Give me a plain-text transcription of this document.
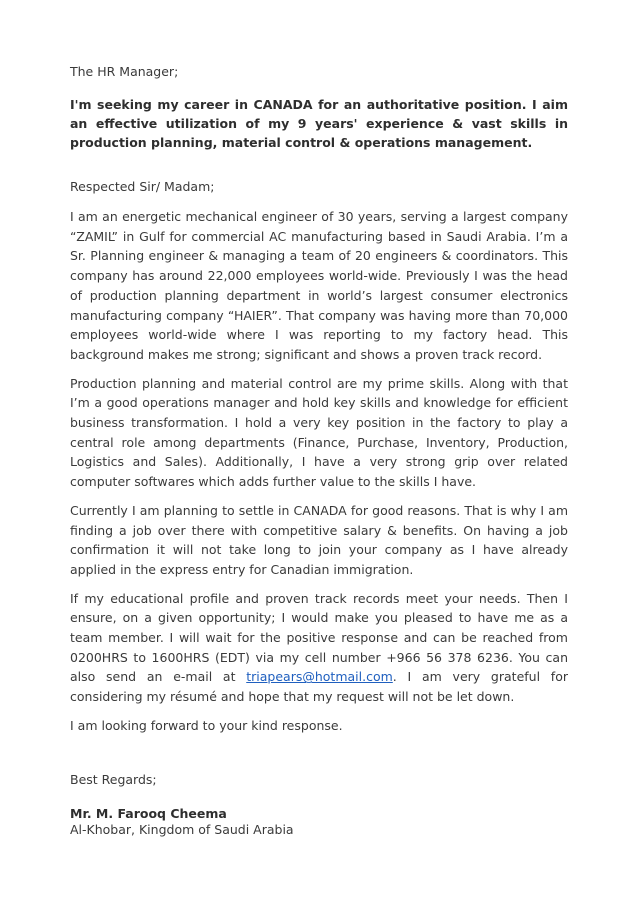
The HR Manager;

I'm seeking my career in CANADA for an authoritative position. I aim an effective utilization of my 9 years' experience & vast skills in production planning, material control & operations management.

Respected Sir/ Madam;

I am an energetic mechanical engineer of 30 years, serving a largest company “ZAMIL” in Gulf for commercial AC manufacturing based in Saudi Arabia. I’m a Sr. Planning engineer & managing a team of 20 engineers & coordinators. This company has around 22,000 employees world-wide. Previously I was the head of production planning department in world’s largest consumer electronics manufacturing company “HAIER”. That company was having more than 70,000 employees world-wide where I was reporting to my factory head. This background makes me strong; significant and shows a proven track record.

Production planning and material control are my prime skills. Along with that I’m a good operations manager and hold key skills and knowledge for efficient business transformation. I hold a very key position in the factory to play a central role among departments (Finance, Purchase, Inventory, Production, Logistics and Sales). Additionally, I have a very strong grip over related computer softwares which adds further value to the skills I have.

Currently I am planning to settle in CANADA for good reasons. That is why I am finding a job over there with competitive salary & benefits. On having a job confirmation it will not take long to join your company as I have already applied in the express entry for Canadian immigration.

If my educational profile and proven track records meet your needs. Then I ensure, on a given opportunity; I would make you pleased to have me as a team member. I will wait for the positive response and can be reached from 0200HRS to 1600HRS (EDT) via my cell number +966 56 378 6236. You can also send an e-mail at triapears@hotmail.com. I am very grateful for considering my résumé and hope that my request will not be let down.

I am looking forward to your kind response.

Best Regards;

Mr. M. Farooq Cheema

Al-Khobar, Kingdom of Saudi Arabia
